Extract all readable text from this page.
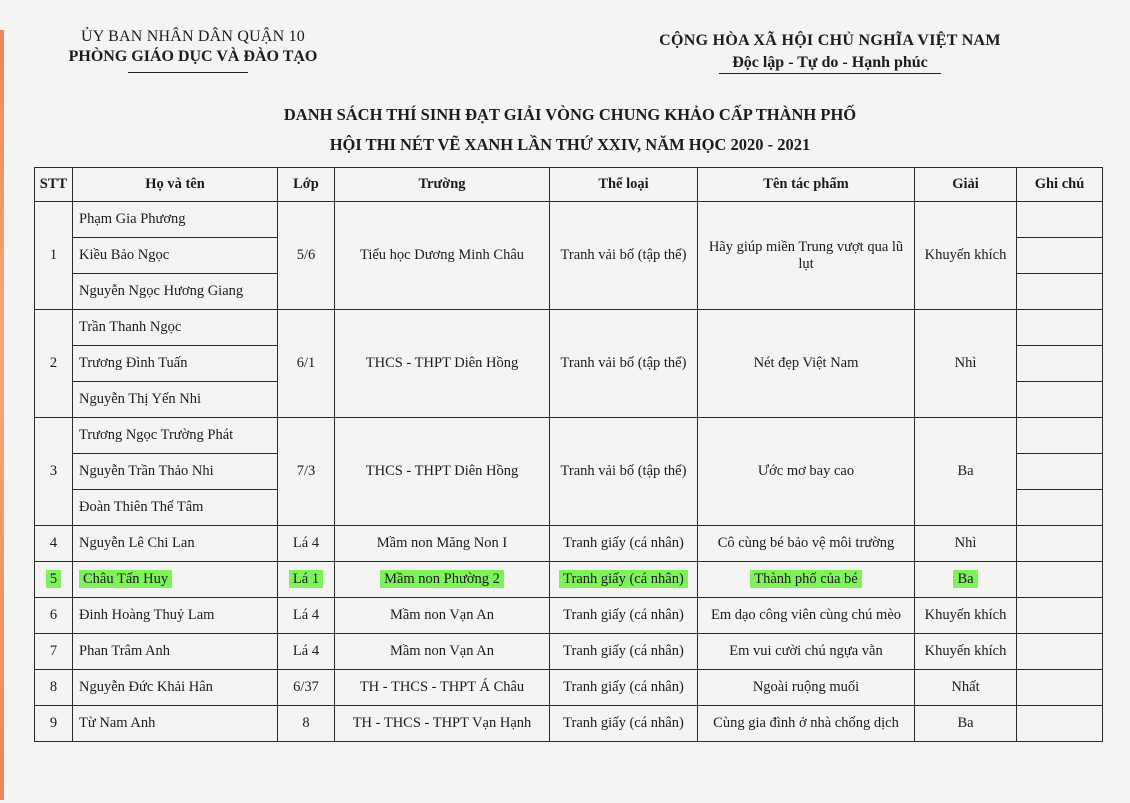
ỦY BAN NHÂN DÂN QUẬN 10
PHÒNG GIÁO DỤC VÀ ĐÀO TẠO
CỘNG HÒA XÃ HỘI CHỦ NGHĨA VIỆT NAM
Độc lập - Tự do - Hạnh phúc
DANH SÁCH THÍ SINH ĐẠT GIẢI VÒNG CHUNG KHẢO CẤP THÀNH PHỐ
HỘI THI NÉT VẼ XANH LẦN THỨ XXIV, NĂM HỌC 2020 - 2021
STT	Họ và tên	Lớp	Trường	Thể loại	Tên tác phẩm	Giải	Ghi chú
1	Phạm Gia Phương	5/6	Tiểu học Dương Minh Châu	Tranh vải bố (tập thể)	Hãy giúp miền Trung vượt qua lũ lụt	Khuyến khích	

	Kiều Bảo Ngọc						
	Nguyễn Ngọc Hương Giang						
2	Trần Thanh Ngọc	6/1	THCS - THPT Diên Hồng	Tranh vải bố (tập thể)	Nét đẹp Việt Nam	Nhì	

	Trương Đình Tuấn						
	Nguyễn Thị Yến Nhi						
3	Trương Ngọc Trường Phát	7/3	THCS - THPT Diên Hồng	Tranh vải bố (tập thể)	Ước mơ bay cao	Ba	

	Nguyễn Trần Thảo Nhi						
	Đoàn Thiên Thế Tâm						
4	Nguyễn Lê Chi Lan	Lá 4	Mầm non Măng Non I	Tranh giấy (cá nhân)	Cô cùng bé bảo vệ môi trường	Nhì	
5	Châu Tấn Huy	Lá 1	Mầm non Phường 2	Tranh giấy (cá nhân)	Thành phố của bé	Ba	
6	Đinh Hoàng Thuỷ Lam	Lá 4	Mầm non Vạn An	Tranh giấy (cá nhân)	Em dạo công viên cùng chú mèo	Khuyến khích	
7	Phan Trâm Anh	Lá 4	Mầm non Vạn An	Tranh giấy (cá nhân)	Em vui cười chú ngựa vằn	Khuyến khích	
8	Nguyễn Đức Khải Hân	6/37	TH - THCS - THPT Á Châu	Tranh giấy (cá nhân)	Ngoài ruộng muối	Nhất	
9	Từ Nam Anh	8	TH - THCS - THPT Vạn Hạnh	Tranh giấy (cá nhân)	Cùng gia đình ở nhà chống dịch	Ba	
